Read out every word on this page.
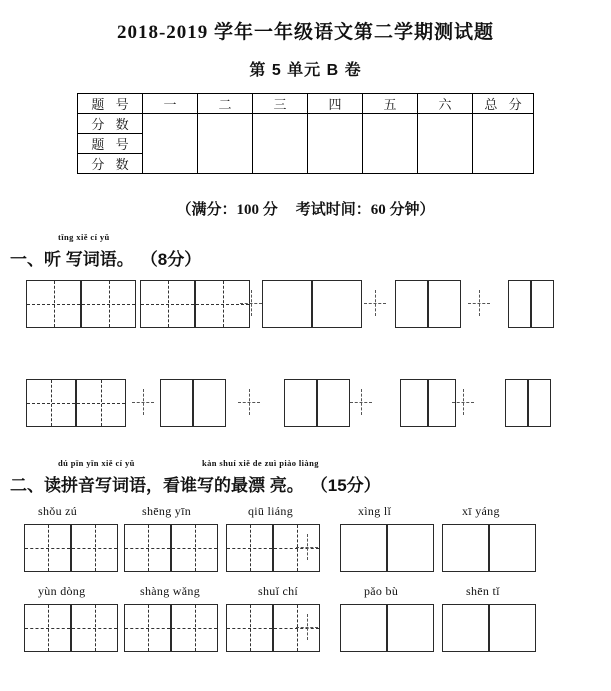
2018-2019 学年一年级语文第二学期测试题
第 5 单元 B 卷
题 号	一	二	三	四	五	六	总 分
分 数							
题 号							
分 数							
（满分：100 分 考试时间：60 分钟）
tīng xiě cí yǔ
一、听 写词语。 （8分）
dú pīn yīn xiě cí yǔ	kàn shuí xiě de zuì piào liàng
二、读拼音写词语，看谁写的最漂 亮。 （15分）
shǒu zú	shēng yīn	qiū liáng	xìng lǐ	xī yáng
yùn dòng	shàng wǎng	shuǐ chí	pǎo bù	shēn tǐ
